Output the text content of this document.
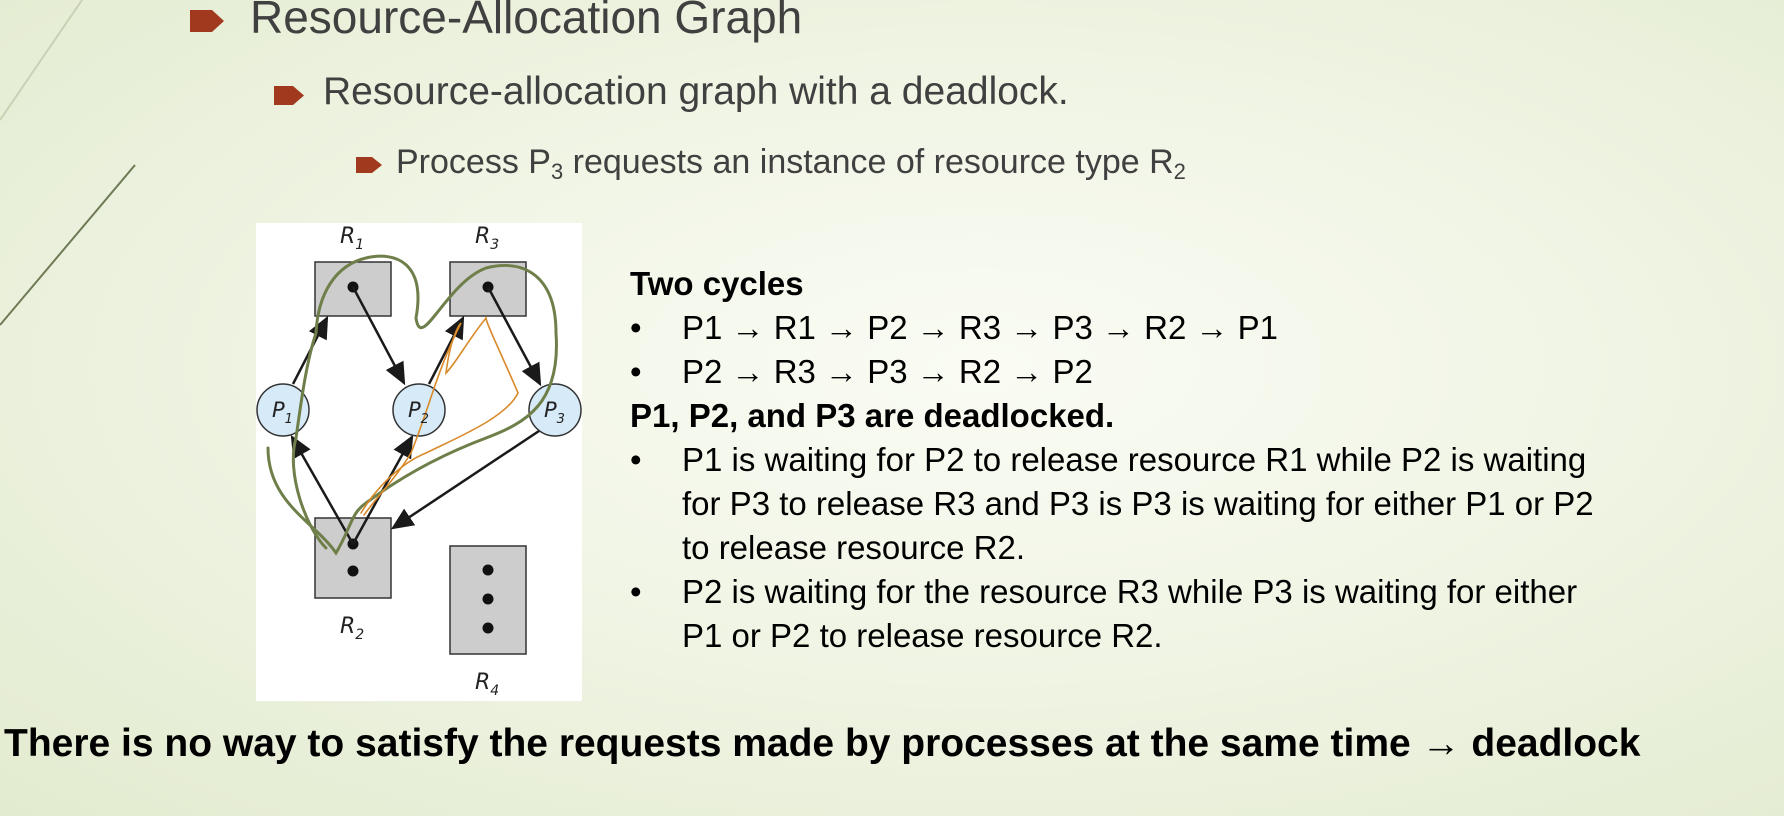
Resource-Allocation Graph
Resource-allocation graph with a deadlock.
Process $P_3$ requests an instance of resource type $R_2$
$R_1$	$R_3$
$R_2$
$R_4$
$P_1$	$P_2$	$P_3$
Two cycles
• P1 → R1 → P2 → R3 → P3 → R2 → P1
• P2 → R3 → P3 → R2 → P2
P1, P2, and P3 are deadlocked.
• P1 is waiting for P2 to release resource R1 while P2 is waiting
for P3 to release R3 and P3 is P3 is waiting for either P1 or P2
to release resource R2.
• P2 is waiting for the resource R3 while P3 is waiting for either
P1 or P2 to release resource R2.
There is no way to satisfy the requests made by processes at the same time → deadlock
